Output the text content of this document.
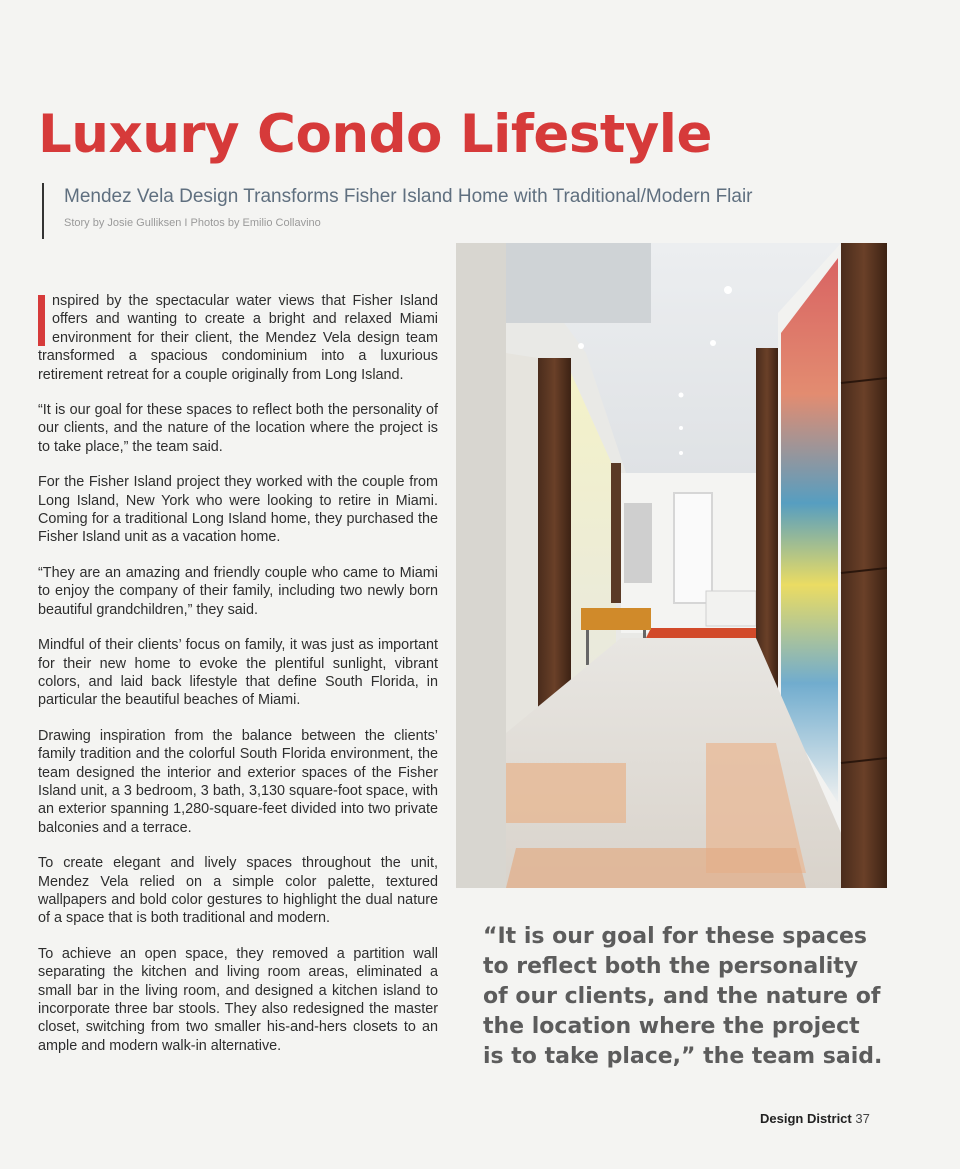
Luxury Condo Lifestyle
Mendez Vela Design Transforms Fisher Island Home with Traditional/Modern Flair
Story by Josie Gulliksen I Photos by Emilio Collavino

nspired by the spectacular water views that Fisher Island offers and wanting to create a bright and relaxed Miami environment for their client, the Mendez Vela design team transformed a spacious condominium into a luxurious retirement retreat for a couple originally from Long Island.

“It is our goal for these spaces to reflect both the personality of our clients, and the nature of the location where the project is to take place,” the team said.

For the Fisher Island project they worked with the couple from Long Island, New York who were looking to retire in Miami. Coming for a traditional Long Island home, they purchased the Fisher Island unit as a vacation home.

“They are an amazing and friendly couple who came to Miami to enjoy the company of their family, including two newly born beautiful grandchildren,” they said.

Mindful of their clients’ focus on family, it was just as important for their new home to evoke the plentiful sunlight, vibrant colors, and laid back lifestyle that define South Florida, in particular the beautiful beaches of Miami.

Drawing inspiration from the balance between the clients’ family tradition and the colorful South Florida environment, the team designed the interior and exterior spaces of the Fisher Island unit, a 3 bedroom, 3 bath, 3,130 square-foot space, with an exterior spanning 1,280-square-feet divided into two private balconies and a terrace.

To create elegant and lively spaces throughout the unit, Mendez Vela relied on a simple color palette, textured wallpapers and bold color gestures to highlight the dual nature of a space that is both traditional and modern.

To achieve an open space, they removed a partition wall separating the kitchen and living room areas, eliminated a small bar in the living room, and designed a kitchen island to incorporate three bar stools. They also redesigned the master closet, switching from two smaller his-and-hers closets to an ample and modern walk-in alternative.

“It is our goal for these spaces to reflect both the personality of our clients, and the nature of the location where the project is to take place,” the team said.
Design District 37
